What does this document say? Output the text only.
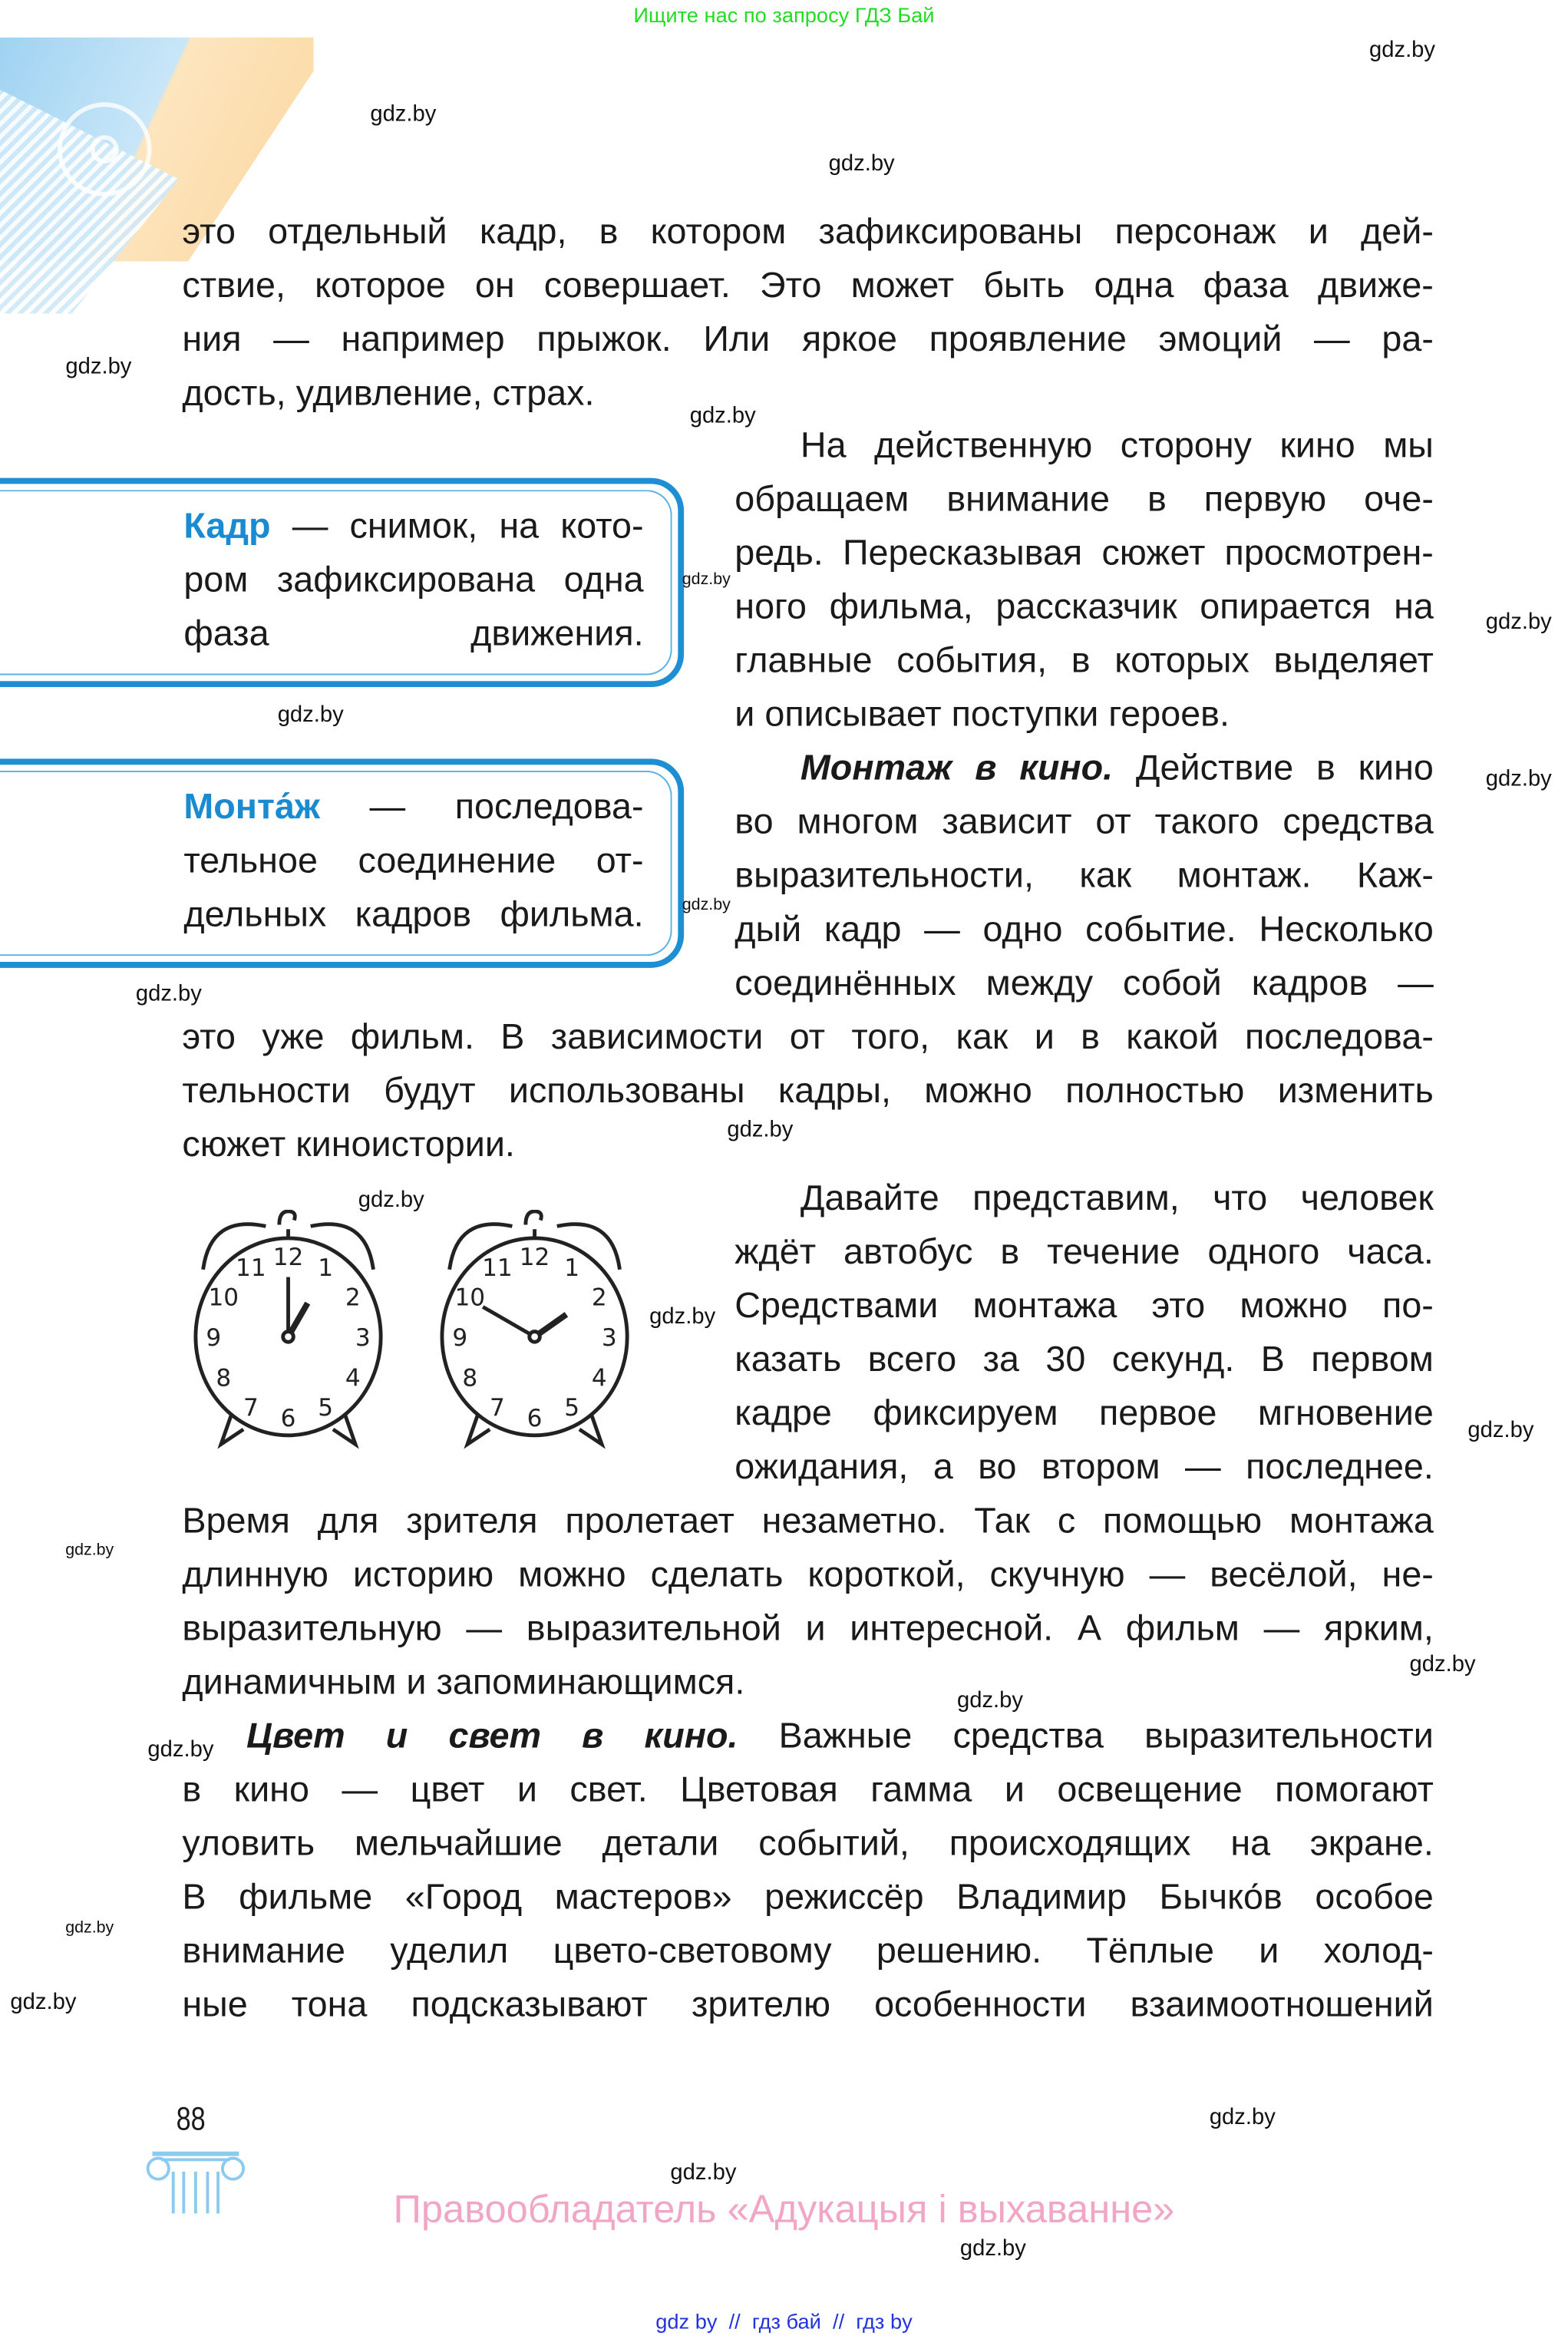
Ищите нас по запросу ГДЗ Бай
это отдельный кадр, в котором зафиксированы персонаж и дей-
ствие, которое он совершает. Это может быть одна фаза движе-
ния — например прыжок. Или яркое проявление эмоций — ра-
дость, удивление, страх.
На действенную сторону кино мы
обращаем внимание в первую оче-
редь. Пересказывая сюжет просмотрен-
ного фильма, рассказчик опирается на
главные события, в которых выделяет
и описывает поступки героев.
Монтаж в кино. Действие в кино
во многом зависит от такого средства
выразительности, как монтаж. Каж-
дый кадр — одно событие. Несколько
соединённых между собой кадров —
это уже фильм. В зависимости от того, как и в какой последова-
тельности будут использованы кадры, можно полностью изменить
сюжет киноистории.
Давайте представим, что человек
ждёт автобус в течение одного часа.
Средствами монтажа это можно по-
казать всего за 30 секунд. В первом
кадре фиксируем первое мгновение
ожидания, а во втором — последнее.
Время для зрителя пролетает незаметно. Так с помощью монтажа
длинную историю можно сделать короткой, скучную — весёлой, не-
выразительную — выразительной и интересной. А фильм — ярким,
динамичным и запоминающимся.
Цвет и свет в кино. Важные средства выразительности
в кино — цвет и свет. Цветовая гамма и освещение помогают
уловить мельчайшие детали событий, происходящих на экране.
В фильме «Город мастеров» режиссёр Владимир Бычко́в особое
внимание уделил цвето-световому решению. Тёплые и холод-
ные тона подсказывают зрителю особенности взаимоотношений
Кадр — снимок, на кото-
ром зафиксирована одна
фаза движения.
Монта́ж — последова-
тельное соединение от-
дельных кадров фильма.
12 1
2
3
4
5
6
7
8
9
10
11	12 1
2
3
4
5
6
7
8
9
10
11
gdz.by
gdz.by
gdz.by
gdz.by
gdz.by
gdz.by
gdz.by
gdz.by
gdz.by
gdz.by
gdz.by
gdz.by
gdz.by
gdz.by
gdz.by
gdz.by
gdz.by
gdz.by
gdz.by
gdz.by
gdz.by
gdz.by
gdz.by
gdz.by
88
Правообладатель «Адукацыя і выхаванне»
gdz by  //  гдз бай  //  гдз by
